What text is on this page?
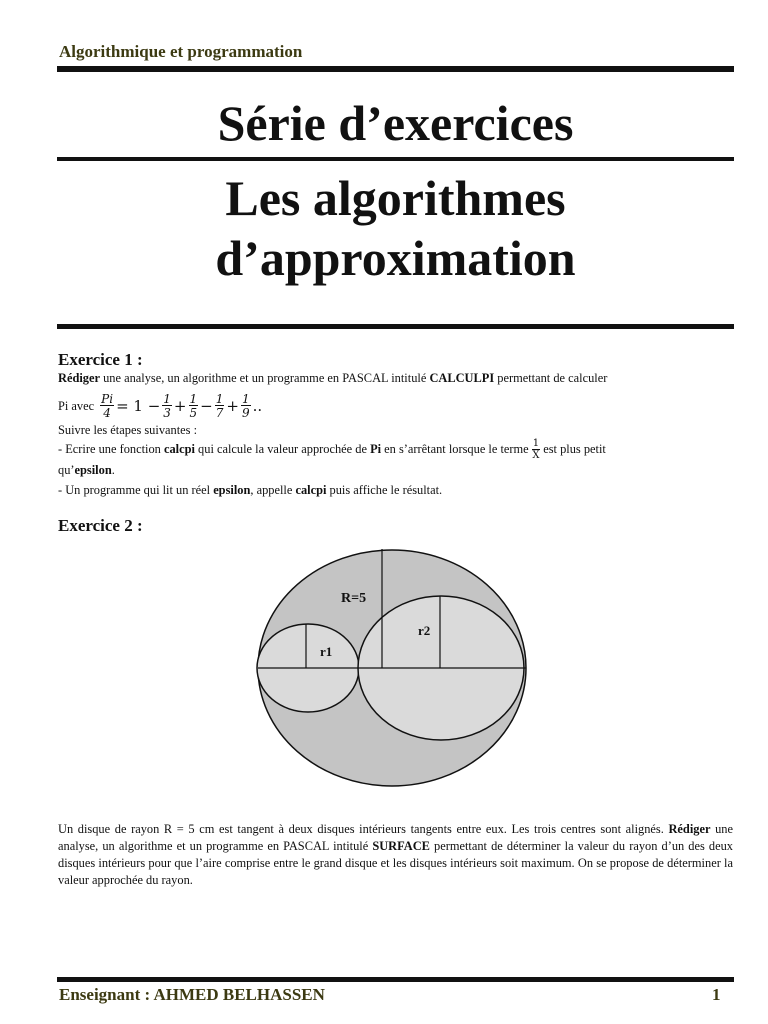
Algorithmique et programmation
Série d’exercices
Les algorithmes
d’approximation
Exercice 1 :
Rédiger une analyse, un algorithme et un programme en PASCAL intitulé CALCULPI permettant de calculer
Pi avec $\frac{Pi}{4} = 1 - \frac{1}{3} + \frac{1}{5} - \frac{1}{7} + \frac{1}{9}$ ..
Suivre les étapes suivantes :
- Ecrire une fonction calcpi qui calcule la valeur approchée de Pi en s’arrêtant lorsque le terme $\frac{1}{X}$ est plus petit
qu’epsilon.
- Un programme qui lit un réel epsilon, appelle calcpi puis affiche le résultat.
Exercice 2 :
R=5
r1
r2
Un disque de rayon R = 5 cm est tangent à deux disques intérieurs tangents entre eux. Les trois centres sont alignés. Rédiger une analyse, un algorithme et un programme en PASCAL intitulé SURFACE permettant de déterminer la valeur du rayon d’un des deux disques intérieurs pour que l’aire comprise entre le grand disque et les disques intérieurs soit maximum. On se propose de déterminer la valeur approchée du rayon.
Enseignant : AHMED BELHASSEN	1
